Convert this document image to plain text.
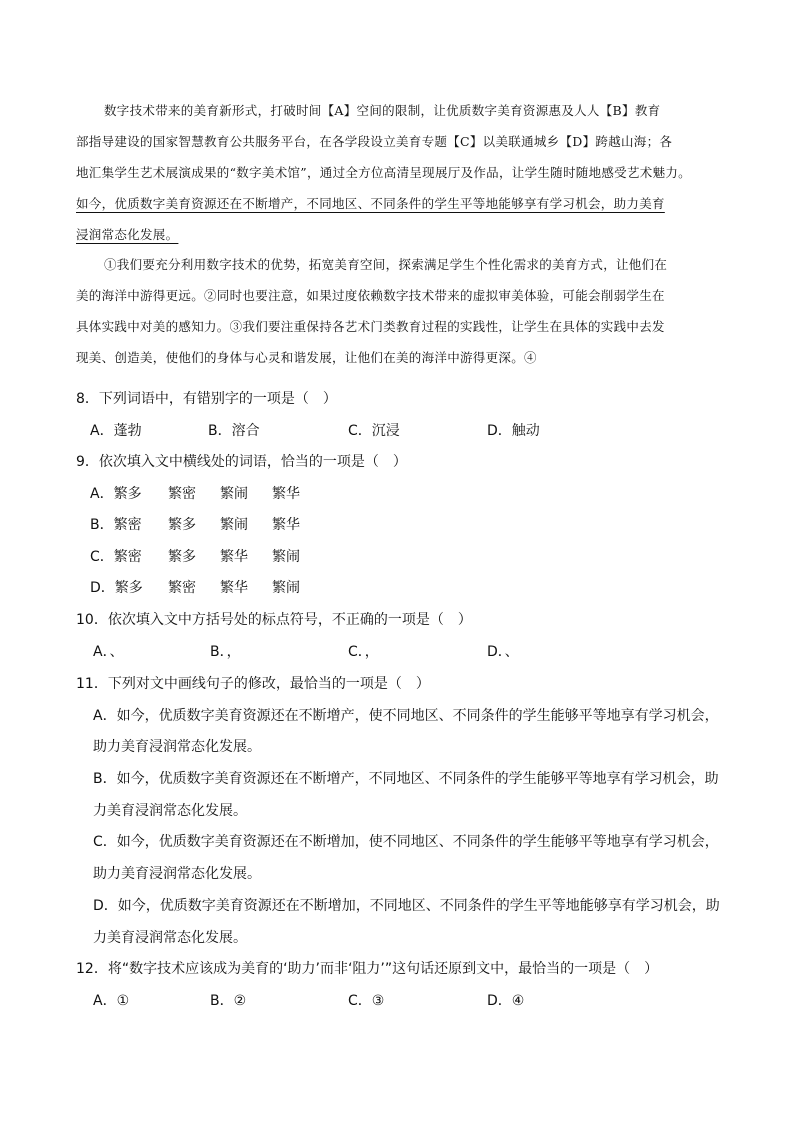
数字技术带来的美育新形式，打破时间【A】空间的限制，让优质数字美育资源惠及人人【B】教育
部指导建设的国家智慧教育公共服务平台，在各学段设立美育专题【C】以美联通城乡【D】跨越山海；各
地汇集学生艺术展演成果的“数字美术馆”，通过全方位高清呈现展厅及作品，让学生随时随地感受艺术魅力。
如今，优质数字美育资源还在不断增产，不同地区、不同条件的学生平等地能够享有学习机会，助力美育
浸润常态化发展。
①我们要充分利用数字技术的优势，拓宽美育空间，探索满足学生个性化需求的美育方式，让他们在
美的海洋中游得更远。②同时也要注意，如果过度依赖数字技术带来的虚拟审美体验，可能会削弱学生在
具体实践中对美的感知力。③我们要注重保持各艺术门类教育过程的实践性，让学生在具体的实践中去发
现美、创造美，使他们的身体与心灵和谐发展，让他们在美的海洋中游得更深。④
8．下列词语中，有错别字的一项是（　）
A．蓬勃	B．溶合	C．沉浸	D．触动
9．依次填入文中横线处的词语，恰当的一项是（　）
A．繁多 繁密 繁闹 繁华
B．繁密 繁多 繁闹 繁华
C．繁密 繁多 繁华 繁闹
D．繁多 繁密 繁华 繁闹
10．依次填入文中方括号处的标点符号，不正确的一项是（　）
A．、	B．，	C．，	D．、
11．下列对文中画线句子的修改，最恰当的一项是（　）
A．如今，优质数字美育资源还在不断增产，使不同地区、不同条件的学生能够平等地享有学习机会，
助力美育浸润常态化发展。
B．如今，优质数字美育资源还在不断增产，不同地区、不同条件的学生能够平等地享有学习机会，助
力美育浸润常态化发展。
C．如今，优质数字美育资源还在不断增加，使不同地区、不同条件的学生能够平等地享有学习机会，
助力美育浸润常态化发展。
D．如今，优质数字美育资源还在不断增加，不同地区、不同条件的学生平等地能够享有学习机会，助
力美育浸润常态化发展。
12．将“数字技术应该成为美育的‘助力’而非‘阻力’”这句话还原到文中，最恰当的一项是（　）
A．①	B．②	C．③	D．④
